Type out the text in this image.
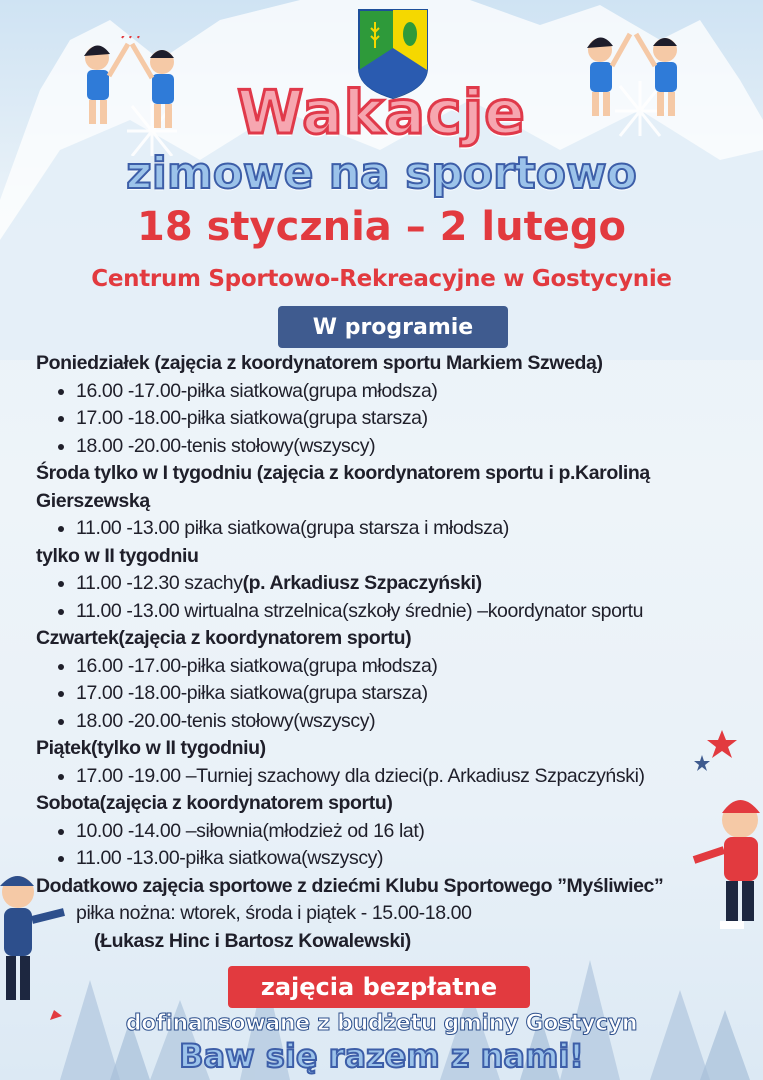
Wakacje
zimowe na sportowo
18 stycznia – 2 lutego
Centrum Sportowo-Rekreacyjne w Gostycynie
W programie
Poniedziałek (zajęcia z koordynatorem sportu Markiem Szwedą)
• 16.00 -17.00-piłka siatkowa(grupa młodsza)
• 17.00 -18.00-piłka siatkowa(grupa starsza)
• 18.00 -20.00-tenis stołowy(wszyscy)
Środa tylko w I tygodniu (zajęcia z koordynatorem sportu i p.Karoliną Gierszewską
• 11.00 -13.00 piłka siatkowa(grupa starsza i młodsza)
tylko w II tygodniu
• 11.00 -12.30 szachy(p. Arkadiusz Szpaczyński)
• 11.00 -13.00 wirtualna strzelnica(szkoły średnie) –koordynator sportu
Czwartek(zajęcia z koordynatorem sportu)
• 16.00 -17.00-piłka siatkowa(grupa młodsza)
• 17.00 -18.00-piłka siatkowa(grupa starsza)
• 18.00 -20.00-tenis stołowy(wszyscy)
Piątek(tylko w II tygodniu)
• 17.00 -19.00 –Turniej szachowy dla dzieci(p. Arkadiusz Szpaczyński)
Sobota(zajęcia z koordynatorem sportu)
• 10.00 -14.00 –siłownia(młodzież od 16 lat)
• 11.00 -13.00-piłka siatkowa(wszyscy)
Dodatkowo zajęcia sportowe z dziećmi Klubu Sportowego ”Myśliwiec”
piłka nożna: wtorek, środa i piątek - 15.00-18.00
(Łukasz Hinc i Bartosz Kowalewski)
zajęcia bezpłatne
dofinansowane z budżetu gminy Gostycyn
Baw się razem z nami!
